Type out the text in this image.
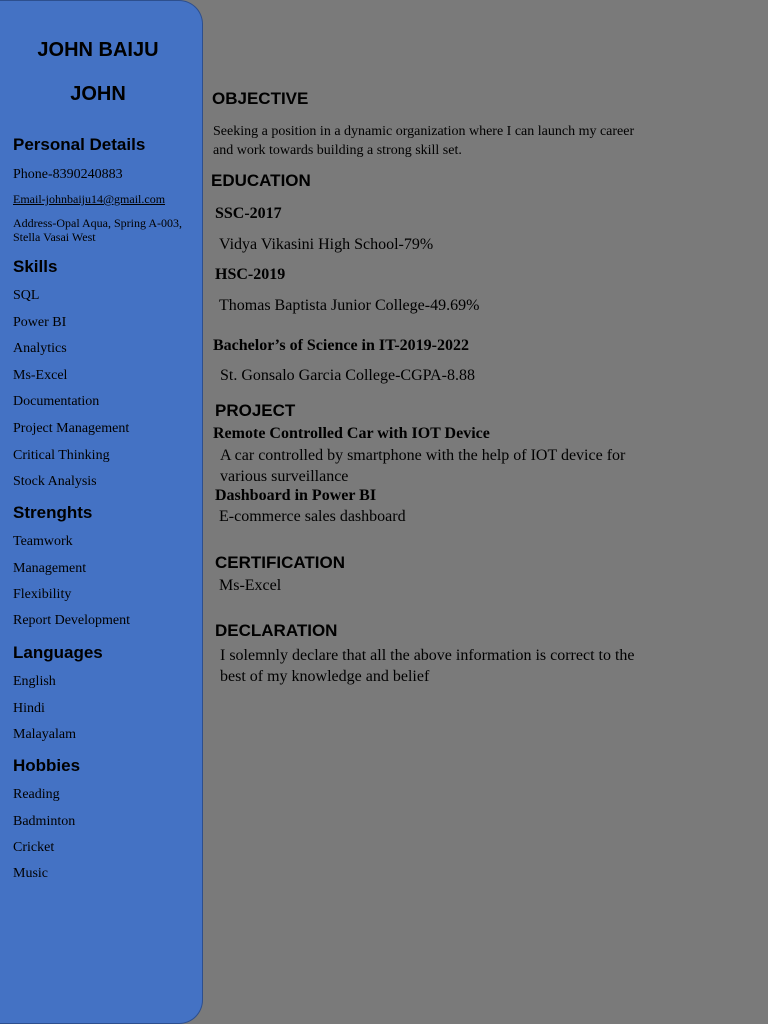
JOHN BAIJU
JOHN
Personal Details
Phone-8390240883
Email-johnbaiju14@gmail.com
Address-Opal Aqua, Spring A-003, Stella Vasai West
Skills
SQL
Power BI
Analytics
Ms-Excel
Documentation
Project Management
Critical Thinking
Stock Analysis
Strenghts
Teamwork
Management
Flexibility
Report Development
Languages
English
Hindi
Malayalam
Hobbies
Reading
Badminton
Cricket
Music
OBJECTIVE
Seeking a position in a dynamic organization where I can launch my career and work towards building a strong skill set.
EDUCATION
SSC-2017
Vidya Vikasini High School-79%
HSC-2019
Thomas Baptista Junior College-49.69%
Bachelor’s of Science in IT-2019-2022
St. Gonsalo Garcia College-CGPA-8.88
PROJECT
Remote Controlled Car with IOT Device
A car controlled by smartphone with the help of IOT device for various surveillance
Dashboard in Power BI
E-commerce sales dashboard
CERTIFICATION
Ms-Excel
DECLARATION
I solemnly declare that all the above information is correct to the best of my knowledge and belief
